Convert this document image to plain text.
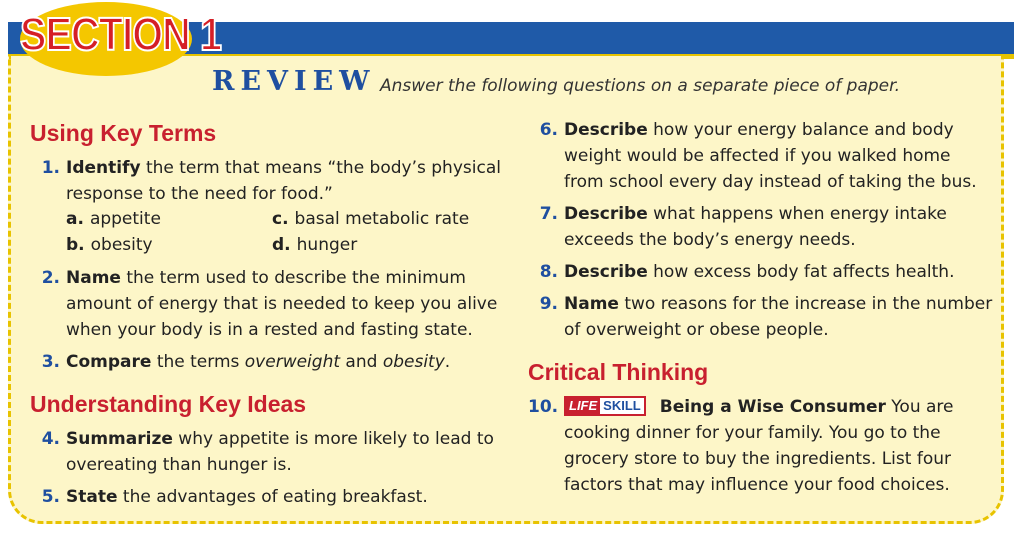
SECTION 1
REVIEW Answer the following questions on a separate piece of paper.
Using Key Terms
1. Identify the term that means “the body’s physical
response to the need for food.”
a. appetite
b. obesity
c. basal metabolic rate
d. hunger
2. Name the term used to describe the minimum
amount of energy that is needed to keep you alive
when your body is in a rested and fasting state.
3. Compare the terms overweight and obesity.
Understanding Key Ideas
4. Summarize why appetite is more likely to lead to
overeating than hunger is.
5. State the advantages of eating breakfast.
6. Describe how your energy balance and body
weight would be affected if you walked home
from school every day instead of taking the bus.
7. Describe what happens when energy intake
exceeds the body’s energy needs.
8. Describe how excess body fat affects health.
9. Name two reasons for the increase in the number
of overweight or obese people.
Critical Thinking
10. LIFE SKILL Being a Wise Consumer You are
cooking dinner for your family. You go to the
grocery store to buy the ingredients. List four
factors that may influence your food choices.
